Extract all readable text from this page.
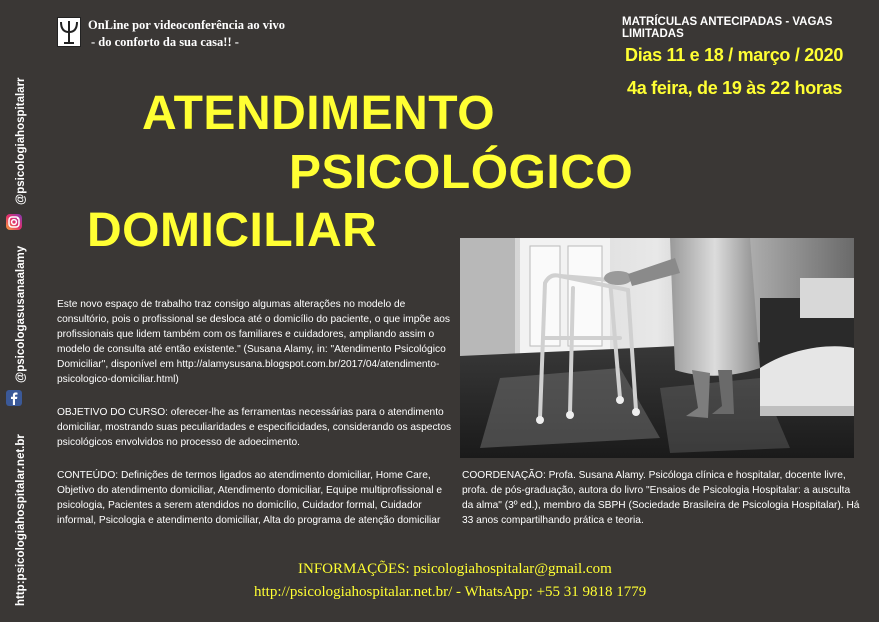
@psicologiahospitalarr
@psicologasusanaalamy
http:psicologiahospitalar.net.br
OnLine por videoconferência ao vivo
- do conforto da sua casa!! -
MATRÍCULAS ANTECIPADAS - VAGAS LIMITADAS
Dias 11 e 18 / março / 2020
4a feira, de 19 às 22 horas
ATENDIMENTO
PSICOLÓGICO
DOMICILIAR
Este novo espaço de trabalho traz consigo algumas alterações no modelo de consultório, pois o profissional se desloca até o domicílio do paciente, o que impõe aos profissionais que lidem também com os familiares e cuidadores, ampliando assim o modelo de consulta até então existente." (Susana Alamy, in: "Atendimento Psicológico Domiciliar", disponível em http://alamysusana.blogspot.com.br/2017/04/atendimento-psicologico-domiciliar.html)
OBJETIVO DO CURSO: oferecer-lhe as ferramentas necessárias para o atendimento domiciliar, mostrando suas peculiaridades e especificidades, considerando os aspectos psicológicos envolvidos no processo de adoecimento.
CONTEÚDO: Definições de termos ligados ao atendimento domiciliar, Home Care, Objetivo do atendimento domiciliar, Atendimento domiciliar, Equipe multiprofissional e psicologia, Pacientes a serem atendidos no domicílio, Cuidador formal, Cuidador informal, Psicologia e atendimento domiciliar, Alta do programa de atenção domiciliar
COORDENAÇÃO: Profa. Susana Alamy. Psicóloga clínica e hospitalar, docente livre, profa. de pós-graduação, autora do livro "Ensaios de Psicologia Hospitalar: a ausculta da alma" (3º ed.), membro da SBPH (Sociedade Brasileira de Psicologia Hospitalar). Há 33 anos compartilhando prática e teoria.
INFORMAÇÕES: psicologiahospitalar@gmail.com
http://psicologiahospitalar.net.br/ - WhatsApp: +55 31 9818 1779
